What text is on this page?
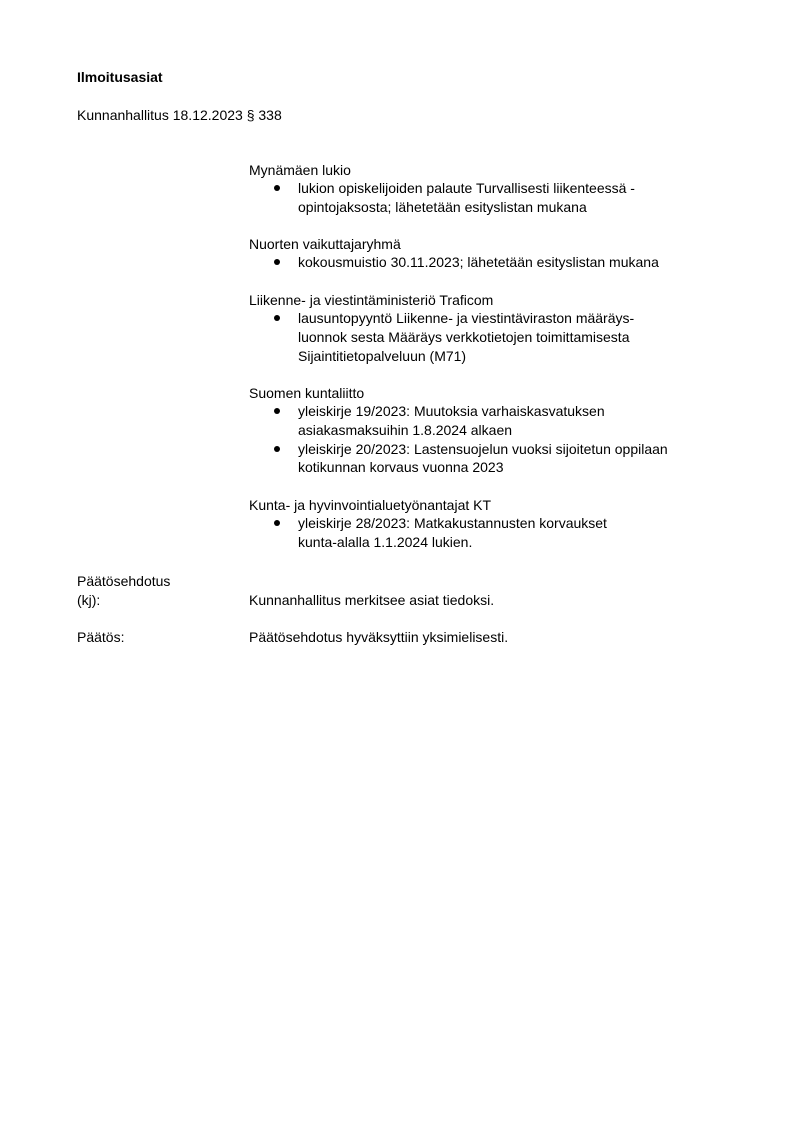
Ilmoitusasiat
Kunnanhallitus 18.12.2023 § 338
Mynämäen lukio
lukion opiskelijoiden palaute Turvallisesti liikenteessä -
opintojaksosta; lähetetään esityslistan mukana
Nuorten vaikuttajaryhmä
kokousmuistio 30.11.2023; lähetetään esityslistan mukana
Liikenne- ja viestintäministeriö Traficom
lausuntopyyntö Liikenne- ja viestintäviraston määräys-
luonnok sesta Määräys verkkotietojen toimittamisesta
Sijaintitietopalveluun (M71)
Suomen kuntaliitto
yleiskirje 19/2023: Muutoksia varhaiskasvatuksen
asiakasmaksuihin 1.8.2024 alkaen
yleiskirje 20/2023: Lastensuojelun vuoksi sijoitetun oppilaan
kotikunnan korvaus vuonna 2023
Kunta- ja hyvinvointialuetyönantajat KT
yleiskirje 28/2023: Matkakustannusten korvaukset
kunta-alalla 1.1.2024 lukien.
Päätösehdotus
(kj):	Kunnanhallitus merkitsee asiat tiedoksi.
Päätös:	Päätösehdotus hyväksyttiin yksimielisesti.
